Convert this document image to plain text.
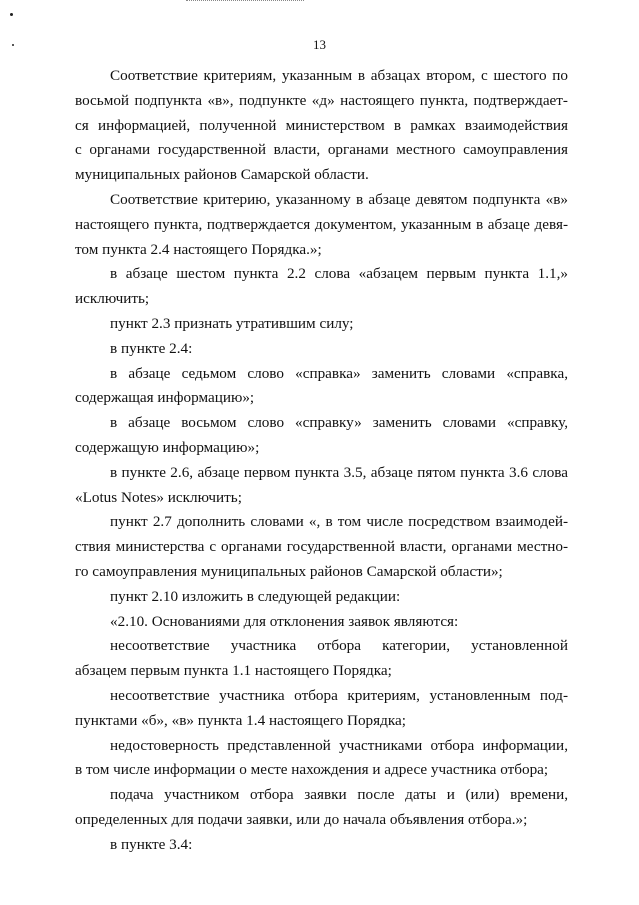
13
Соответствие критериям, указанным в абзацах втором, с шестого по
восьмой подпункта «в», подпункте «д» настоящего пункта, подтверждает-
ся информацией, полученной министерством в рамках взаимодействия
с органами государственной власти, органами местного самоуправления
муниципальных районов Самарской области.
Соответствие критерию, указанному в абзаце девятом подпункта «в»
настоящего пункта, подтверждается документом, указанным в абзаце девя-
том пункта 2.4 настоящего Порядка.»;
в абзаце шестом пункта 2.2 слова «абзацем первым пункта 1.1,»
исключить;
пункт 2.3 признать утратившим силу;
в пункте 2.4:
в абзаце седьмом слово «справка» заменить словами «справка,
содержащая информацию»;
в абзаце восьмом слово «справку» заменить словами «справку,
содержащую информацию»;
в пункте 2.6, абзаце первом пункта 3.5, абзаце пятом пункта 3.6 слова
«Lotus Notes» исключить;
пункт 2.7 дополнить словами «, в том числе посредством взаимодей-
ствия министерства с органами государственной власти, органами местно-
го самоуправления муниципальных районов Самарской области»;
пункт 2.10 изложить в следующей редакции:
«2.10. Основаниями для отклонения заявок являются:
несоответствие участника отбора категории, установленной
абзацем первым пункта 1.1 настоящего Порядка;
несоответствие участника отбора критериям, установленным под-
пунктами «б», «в» пункта 1.4 настоящего Порядка;
недостоверность представленной участниками отбора информации,
в том числе информации о месте нахождения и адресе участника отбора;
подача участником отбора заявки после даты и (или) времени,
определенных для подачи заявки, или до начала объявления отбора.»;
в пункте 3.4:
